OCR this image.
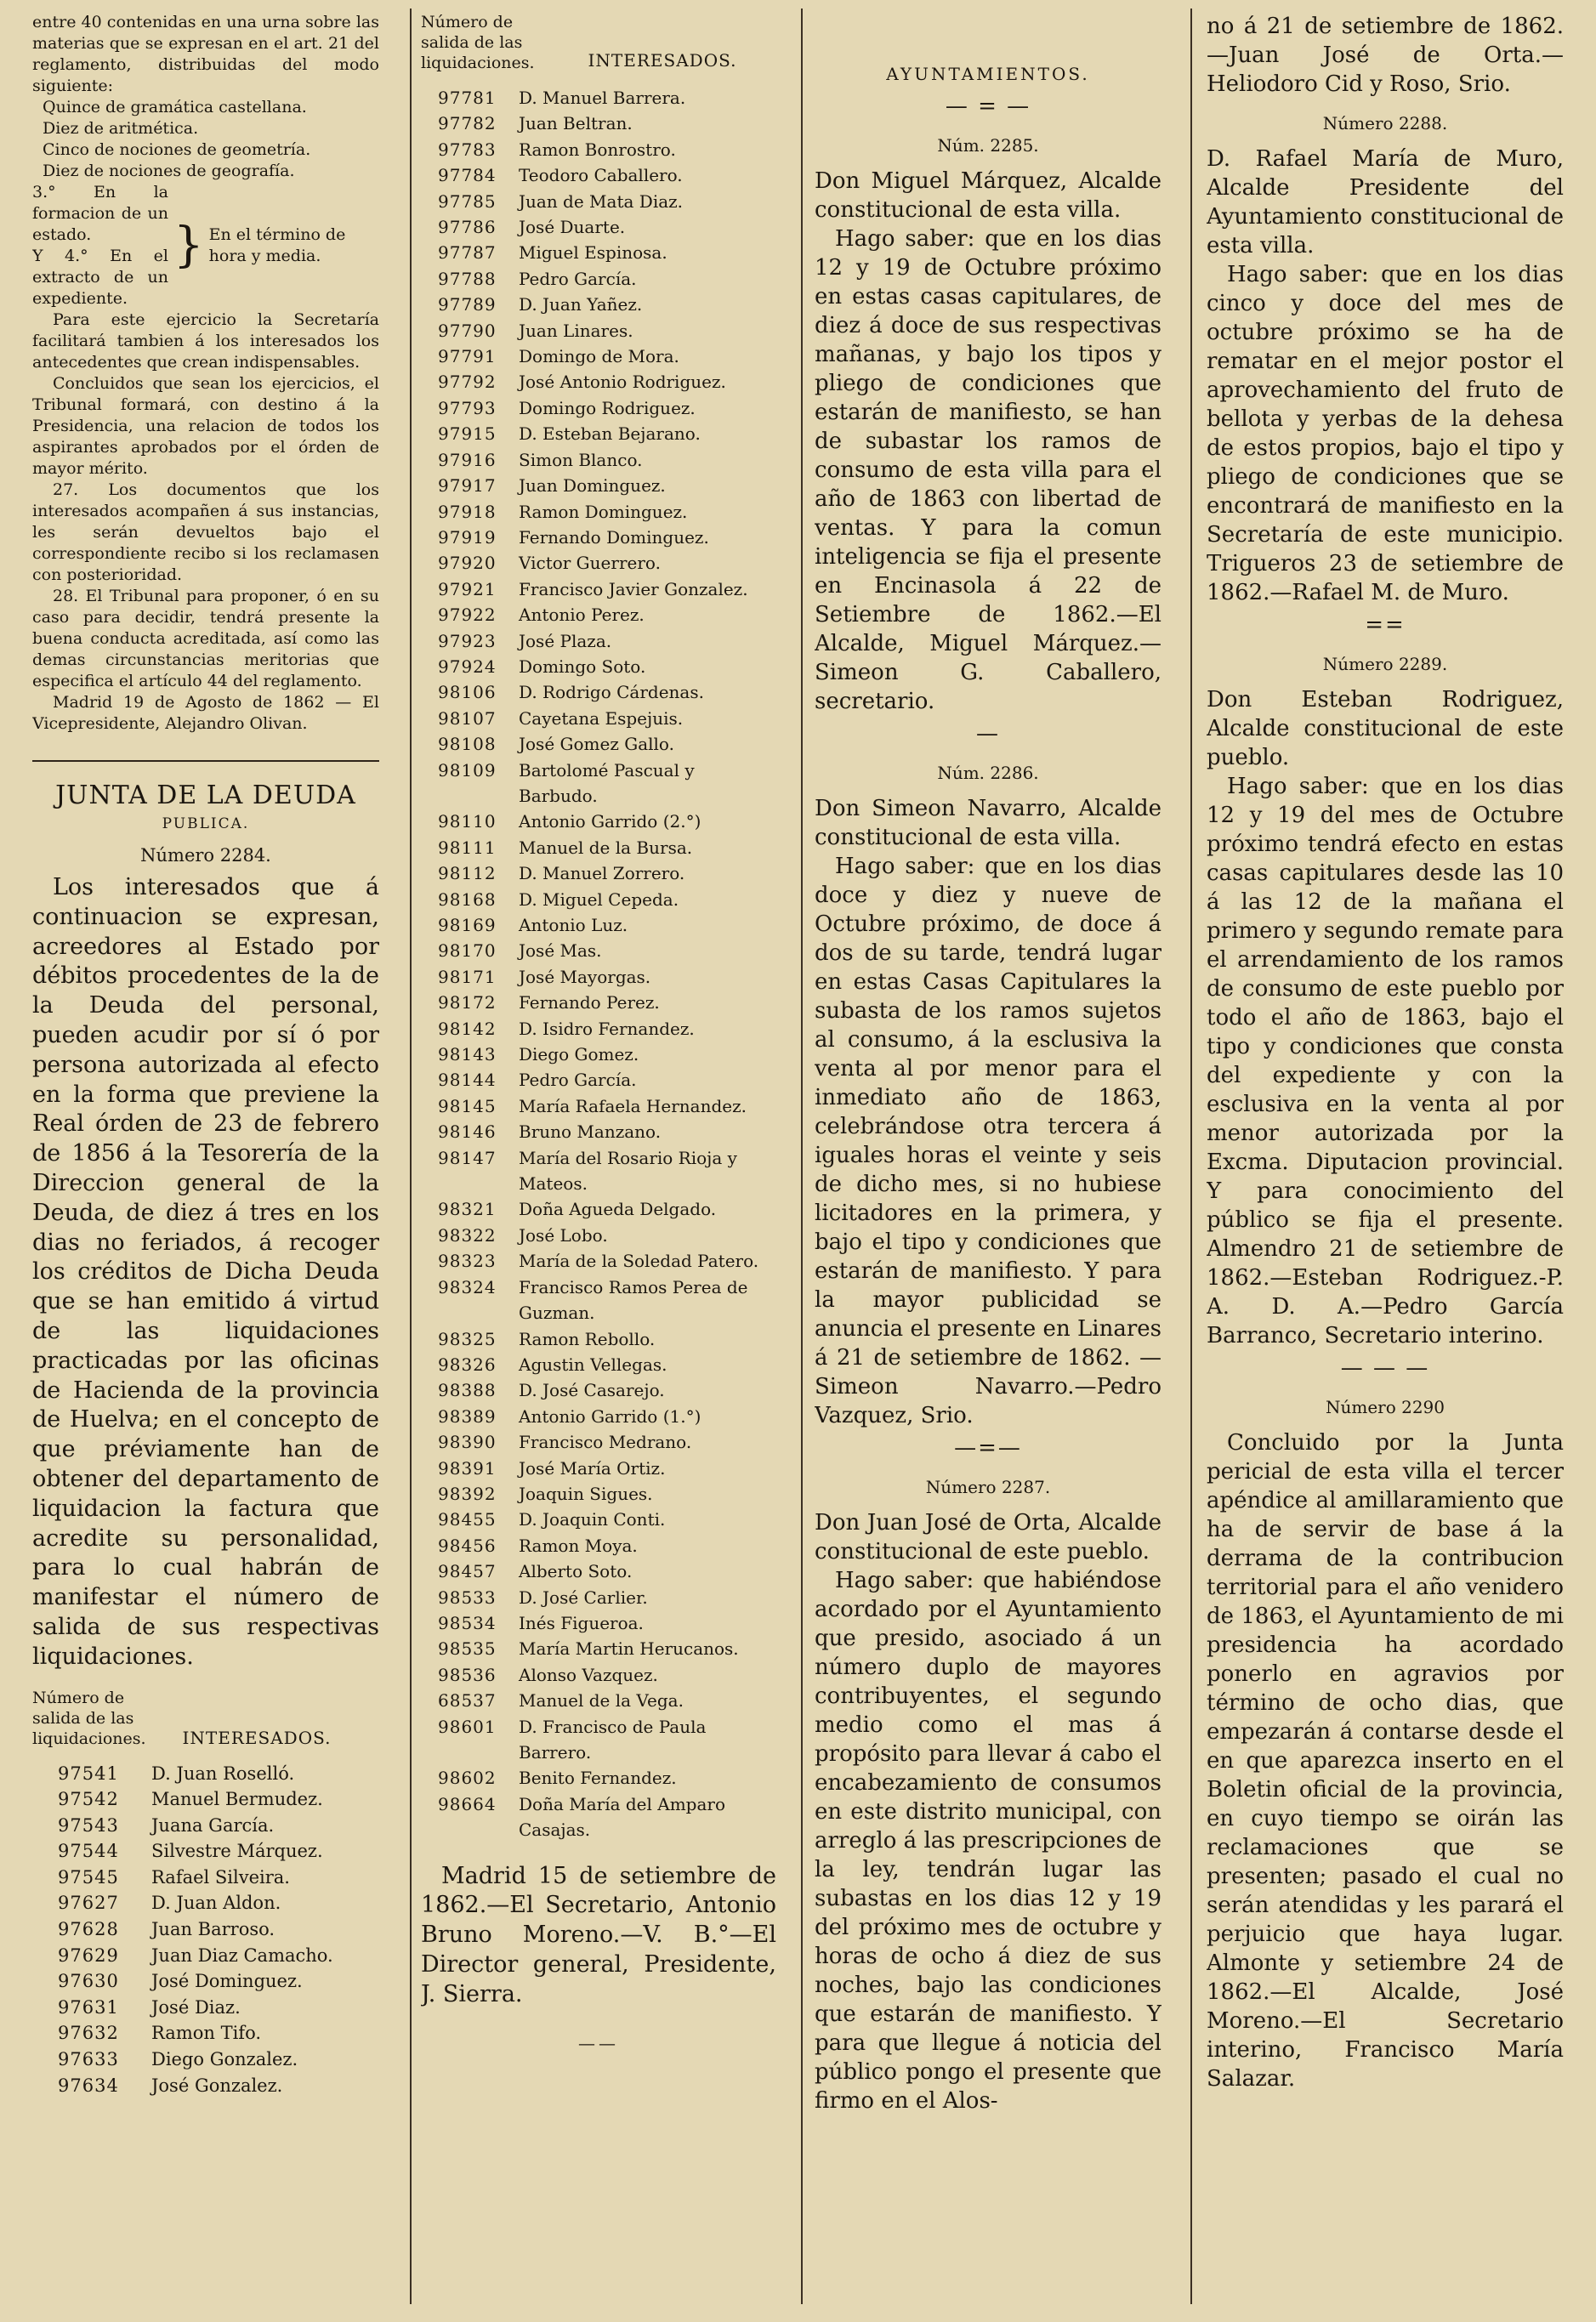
entre 40 contenidas en una urna sobre las materias que se expresan en el art. 21 del reglamento, distribuidas del modo siguiente:

Quince de gramática castellana.
Diez de aritmética.
Cinco de nociones de geometría.
Diez de nociones de geografía.

3.° En la formacion de un estado.

Y 4.° En el extracto de un expediente.

} En el término de hora y media.

Para este ejercicio la Secretaría facilitará tambien á los interesados los antecedentes que crean indispensables.

Concluidos que sean los ejercicios, el Tribunal formará, con destino á la Presidencia, una relacion de todos los aspirantes aprobados por el órden de mayor mérito.

27. Los documentos que los interesados acompañen á sus instancias, les serán devueltos bajo el correspondiente recibo si los reclamasen con posterioridad.

28. El Tribunal para proponer, ó en su caso para decidir, tendrá presente la buena conducta acreditada, así como las demas circunstancias meritorias que especifica el artículo 44 del reglamento.

Madrid 19 de Agosto de 1862 — El Vicepresidente, Alejandro Olivan.

JUNTA DE LA DEUDA
PUBLICA.
Número 2284.

Los interesados que á continuacion se expresan, acreedores al Estado por débitos procedentes de la de la Deuda del personal, pueden acudir por sí ó por persona autorizada al efecto en la forma que previene la Real órden de 23 de febrero de 1856 á la Tesorería de la Direccion general de la Deuda, de diez á tres en los dias no feriados, á recoger los créditos de Dicha Deuda que se han emitido á virtud de las liquidaciones practicadas por las oficinas de Hacienda de la provincia de Huelva; en el concepto de que préviamente han de obtener del departamento de liquidacion la factura que acredite su personalidad, para lo cual habrán de manifestar el número de salida de sus respectivas liquidaciones.

Número de salida de las liquidaciones.	INTERESADOS.
97541	D. Juan Roselló.
97542	Manuel Bermudez.
97543	Juana García.
97544	Silvestre Márquez.
97545	Rafael Silveira.
97627	D. Juan Aldon.
97628	Juan Barroso.
97629	Juan Diaz Camacho.
97630	José Dominguez.
97631	José Diaz.
97632	Ramon Tifo.
97633	Diego Gonzalez.
97634	José Gonzalez.
Número de salida de las liquidaciones.	INTERESADOS.
97781	D. Manuel Barrera.
97782	Juan Beltran.
97783	Ramon Bonrostro.
97784	Teodoro Caballero.
97785	Juan de Mata Diaz.
97786	José Duarte.
97787	Miguel Espinosa.
97788	Pedro García.
97789	D. Juan Yañez.
97790	Juan Linares.
97791	Domingo de Mora.
97792	José Antonio Rodriguez.
97793	Domingo Rodriguez.
97915	D. Esteban Bejarano.
97916	Simon Blanco.
97917	Juan Dominguez.
97918	Ramon Dominguez.
97919	Fernando Dominguez.
97920	Victor Guerrero.
97921	Francisco Javier Gonzalez.
97922	Antonio Perez.
97923	José Plaza.
97924	Domingo Soto.
98106	D. Rodrigo Cárdenas.
98107	Cayetana Espejuis.
98108	José Gomez Gallo.
98109	Bartolomé Pascual y Barbudo.
98110	Antonio Garrido (2.°)
98111	Manuel de la Bursa.
98112	D. Manuel Zorrero.
98168	D. Miguel Cepeda.
98169	Antonio Luz.
98170	José Mas.
98171	José Mayorgas.
98172	Fernando Perez.
98142	D. Isidro Fernandez.
98143	Diego Gomez.
98144	Pedro García.
98145	María Rafaela Hernandez.
98146	Bruno Manzano.
98147	María del Rosario Rioja y Mateos.
98321	Doña Agueda Delgado.
98322	José Lobo.
98323	María de la Soledad Patero.
98324	Francisco Ramos Perea de Guzman.
98325	Ramon Rebollo.
98326	Agustin Vellegas.
98388	D. José Casarejo.
98389	Antonio Garrido (1.°)
98390	Francisco Medrano.
98391	José María Ortiz.
98392	Joaquin Sigues.
98455	D. Joaquin Conti.
98456	Ramon Moya.
98457	Alberto Soto.
98533	D. José Carlier.
98534	Inés Figueroa.
98535	María Martin Herucanos.
98536	Alonso Vazquez.
68537	Manuel de la Vega.
98601	D. Francisco de Paula Barrero.
98602	Benito Fernandez.
98664	Doña María del Amparo Casajas.

Madrid 15 de setiembre de 1862.—El Secretario, Antonio Bruno Moreno.—V. B.°—El Director general, Presidente, J. Sierra.

——
AYUNTAMIENTOS.
— = —
Núm. 2285.

Don Miguel Márquez, Alcalde constitucional de esta villa.

Hago saber: que en los dias 12 y 19 de Octubre próximo en estas casas capitulares, de diez á doce de sus respectivas mañanas, y bajo los tipos y pliego de condiciones que estarán de manifiesto, se han de subastar los ramos de consumo de esta villa para el año de 1863 con libertad de ventas. Y para la comun inteligencia se fija el presente en Encinasola á 22 de Setiembre de 1862.—El Alcalde, Miguel Márquez.—Simeon G. Caballero, secretario.

—
Núm. 2286.

Don Simeon Navarro, Alcalde constitucional de esta villa.

Hago saber: que en los dias doce y diez y nueve de Octubre próximo, de doce á dos de su tarde, tendrá lugar en estas Casas Capitulares la subasta de los ramos sujetos al consumo, á la esclusiva la venta al por menor para el inmediato año de 1863, celebrándose otra tercera á iguales horas el veinte y seis de dicho mes, si no hubiese licitadores en la primera, y bajo el tipo y condiciones que estarán de manifiesto. Y para la mayor publicidad se anuncia el presente en Linares á 21 de setiembre de 1862. —Simeon Navarro.—Pedro Vazquez, Srio.

—=—
Número 2287.

Don Juan José de Orta, Alcalde constitucional de este pueblo.

Hago saber: que habiéndose acordado por el Ayuntamiento que presido, asociado á un número duplo de mayores contribuyentes, el segundo medio como el mas á propósito para llevar á cabo el encabezamiento de consumos en este distrito municipal, con arreglo á las prescripciones de la ley, tendrán lugar las subastas en los dias 12 y 19 del próximo mes de octubre y horas de ocho á diez de sus noches, bajo las condiciones que estarán de manifiesto. Y para que llegue á noticia del público pongo el presente que firmo en el Alos-

no á 21 de setiembre de 1862. —Juan José de Orta.—Heliodoro Cid y Roso, Srio.

Número 2288.

D. Rafael María de Muro, Alcalde Presidente del Ayuntamiento constitucional de esta villa.

Hago saber: que en los dias cinco y doce del mes de octubre próximo se ha de rematar en el mejor postor el aprovechamiento del fruto de bellota y yerbas de la dehesa de estos propios, bajo el tipo y pliego de condiciones que se encontrará de manifiesto en la Secretaría de este municipio. Trigueros 23 de setiembre de 1862.—Rafael M. de Muro.

==
Número 2289.

Don Esteban Rodriguez, Alcalde constitucional de este pueblo.

Hago saber: que en los dias 12 y 19 del mes de Octubre próximo tendrá efecto en estas casas capitulares desde las 10 á las 12 de la mañana el primero y segundo remate para el arrendamiento de los ramos de consumo de este pueblo por todo el año de 1863, bajo el tipo y condiciones que consta del expediente y con la esclusiva en la venta al por menor autorizada por la Excma. Diputacion provincial. Y para conocimiento del público se fija el presente. Almendro 21 de setiembre de 1862.—Esteban Rodriguez.-P. A. D. A.—Pedro García Barranco, Secretario interino.

— — —
Número 2290

Concluido por la Junta pericial de esta villa el tercer apéndice al amillaramiento que ha de servir de base á la derrama de la contribucion territorial para el año venidero de 1863, el Ayuntamiento de mi presidencia ha acordado ponerlo en agravios por término de ocho dias, que empezarán á contarse desde el en que aparezca inserto en el Boletin oficial de la provincia, en cuyo tiempo se oirán las reclamaciones que se presenten; pasado el cual no serán atendidas y les parará el perjuicio que haya lugar. Almonte y setiembre 24 de 1862.—El Alcalde, José Moreno.—El Secretario interino, Francisco María Salazar.
